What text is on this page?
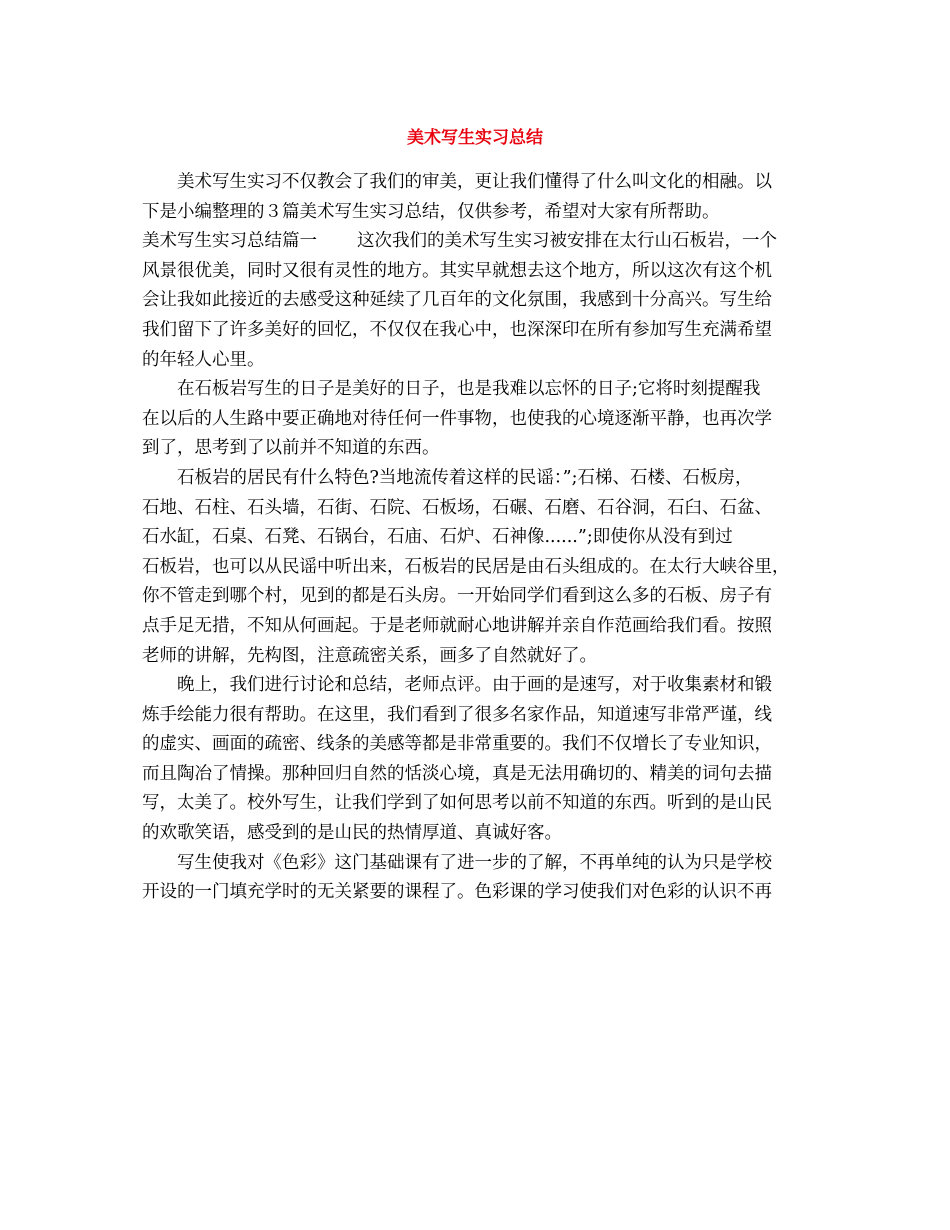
美术写生实习总结
美术写生实习不仅教会了我们的审美，更让我们懂得了什么叫文化的相融。以
下是小编整理的３篇美术写生实习总结，仅供参考，希望对大家有所帮助。
美术写生实习总结篇一 这次我们的美术写生实习被安排在太行山石板岩，一个
风景很优美，同时又很有灵性的地方。其实早就想去这个地方，所以这次有这个机
会让我如此接近的去感受这种延续了几百年的文化氛围，我感到十分高兴。写生给
我们留下了许多美好的回忆，不仅仅在我心中，也深深印在所有参加写生充满希望
的年轻人心里。
在石板岩写生的日子是美好的日子，也是我难以忘怀的日子;它将时刻提醒我
在以后的人生路中要正确地对待任何一件事物，也使我的心境逐渐平静，也再次学
到了，思考到了以前并不知道的东西。
石板岩的居民有什么特色?当地流传着这样的民谣：”;石梯、石楼、石板房，
石地、石柱、石头墙，石街、石院、石板场，石碾、石磨、石谷洞，石臼、石盆、
石水缸，石桌、石凳、石锅台，石庙、石炉、石神像......”;即使你从没有到过
石板岩，也可以从民谣中听出来，石板岩的民居是由石头组成的。在太行大峡谷里，
你不管走到哪个村，见到的都是石头房。一开始同学们看到这么多的石板、房子有
点手足无措，不知从何画起。于是老师就耐心地讲解并亲自作范画给我们看。按照
老师的讲解，先构图，注意疏密关系，画多了自然就好了。
晚上，我们进行讨论和总结，老师点评。由于画的是速写，对于收集素材和锻
炼手绘能力很有帮助。在这里，我们看到了很多名家作品，知道速写非常严谨，线
的虚实、画面的疏密、线条的美感等都是非常重要的。我们不仅增长了专业知识，
而且陶冶了情操。那种回归自然的恬淡心境，真是无法用确切的、精美的词句去描
写，太美了。校外写生，让我们学到了如何思考以前不知道的东西。听到的是山民
的欢歌笑语，感受到的是山民的热情厚道、真诚好客。
写生使我对《色彩》这门基础课有了进一步的了解，不再单纯的认为只是学校
开设的一门填充学时的无关紧要的课程了。色彩课的学习使我们对色彩的认识不再
